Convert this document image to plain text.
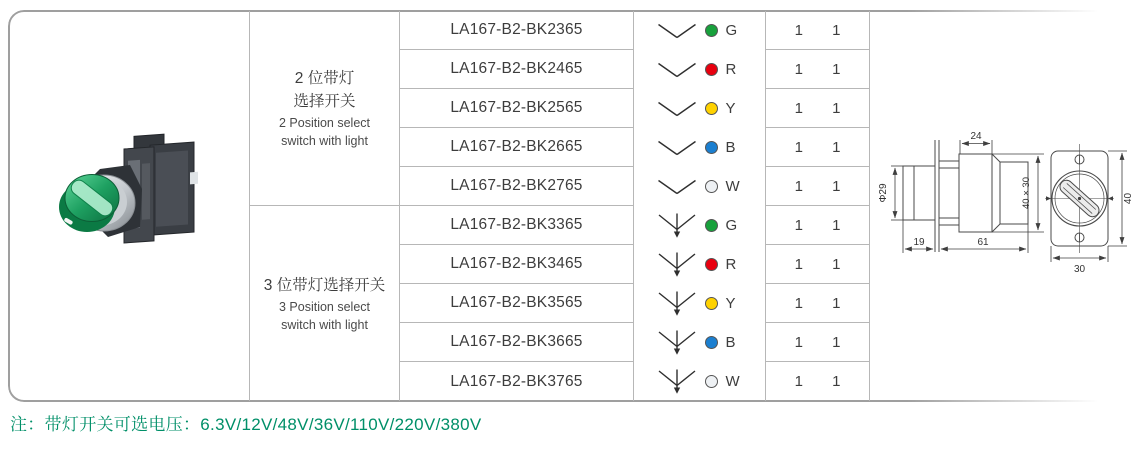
2 位带灯
选择开关
2 Position select
switch with light
3 位带灯选择开关
3 Position select
switch with light
LA167-B2-BK2365	G	1 1
LA167-B2-BK2465	R	1 1
LA167-B2-BK2565	Y	1 1
LA167-B2-BK2665	B	1 1
LA167-B2-BK2765	W	1 1
LA167-B2-BK3365	G	1 1
LA167-B2-BK3465	R	1 1
LA167-B2-BK3565	Y	1 1
LA167-B2-BK3665	B	1 1
LA167-B2-BK3765	W	1 1
Φ29
24
40 × 30
19	61
40
30
注：带灯开关可选电压：6.3V/12V/48V/36V/110V/220V/380V
